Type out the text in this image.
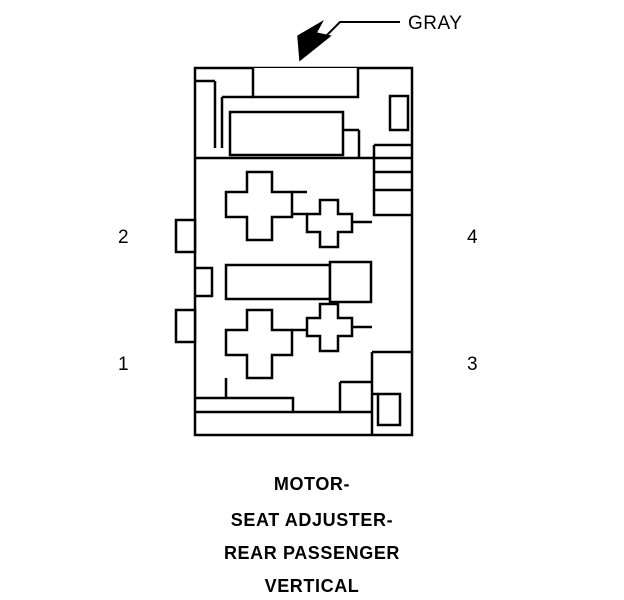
GRAY
2
1
4
3
MOTOR-
SEAT ADJUSTER-
REAR PASSENGER
VERTICAL
